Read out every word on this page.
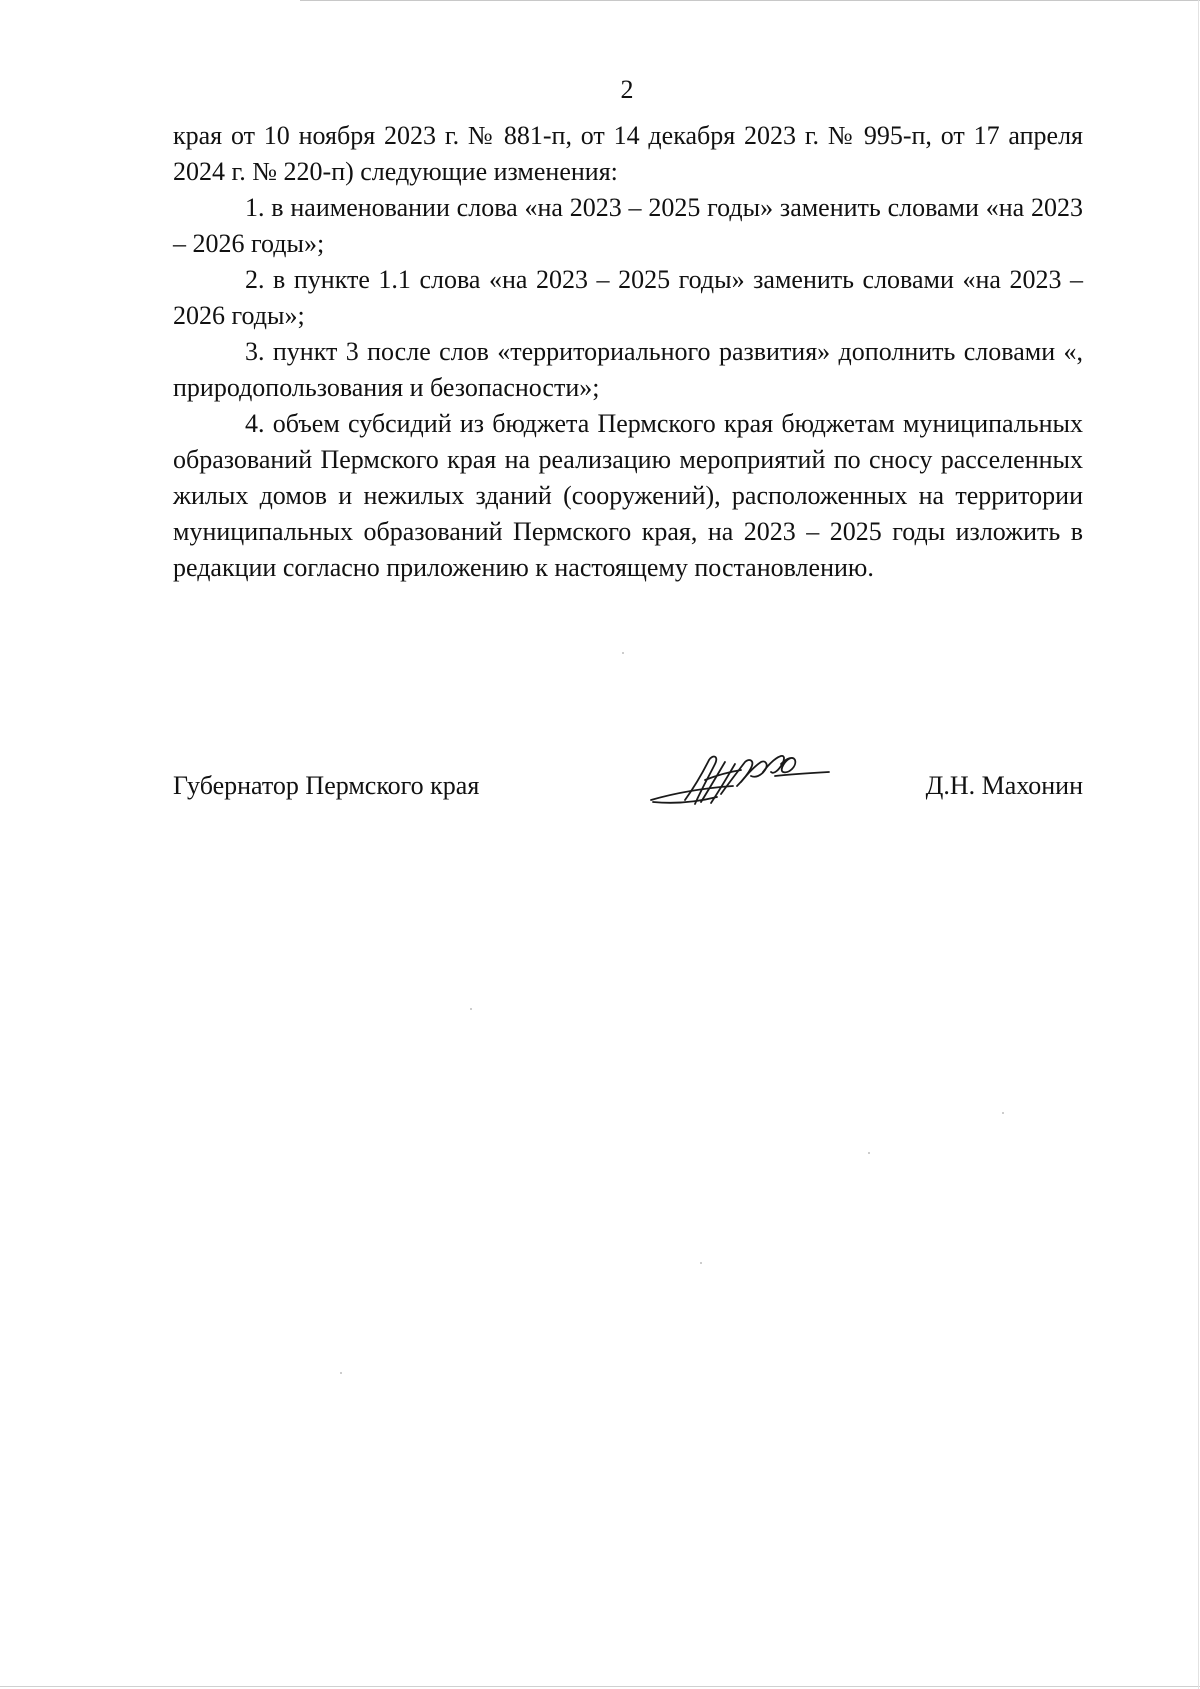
2

края от 10 ноября 2023 г. № 881-п, от 14 декабря 2023 г. № 995-п, от 17 апреля 2024 г. № 220-п) следующие изменения:

1. в наименовании слова «на 2023 – 2025 годы» заменить словами «на 2023 – 2026 годы»;

2. в пункте 1.1 слова «на 2023 – 2025 годы» заменить словами «на 2023 – 2026 годы»;

3. пункт 3 после слов «территориального развития» дополнить словами «, природопользования и безопасности»;

4. объем субсидий из бюджета Пермского края бюджетам муниципальных образований Пермского края на реализацию мероприятий по сносу расселенных жилых домов и нежилых зданий (сооружений), расположенных на территории муниципальных образований Пермского края, на 2023 – 2025 годы изложить в редакции согласно приложению к настоящему постановлению.

Губернатор Пермского края	Д.Н. Махонин
